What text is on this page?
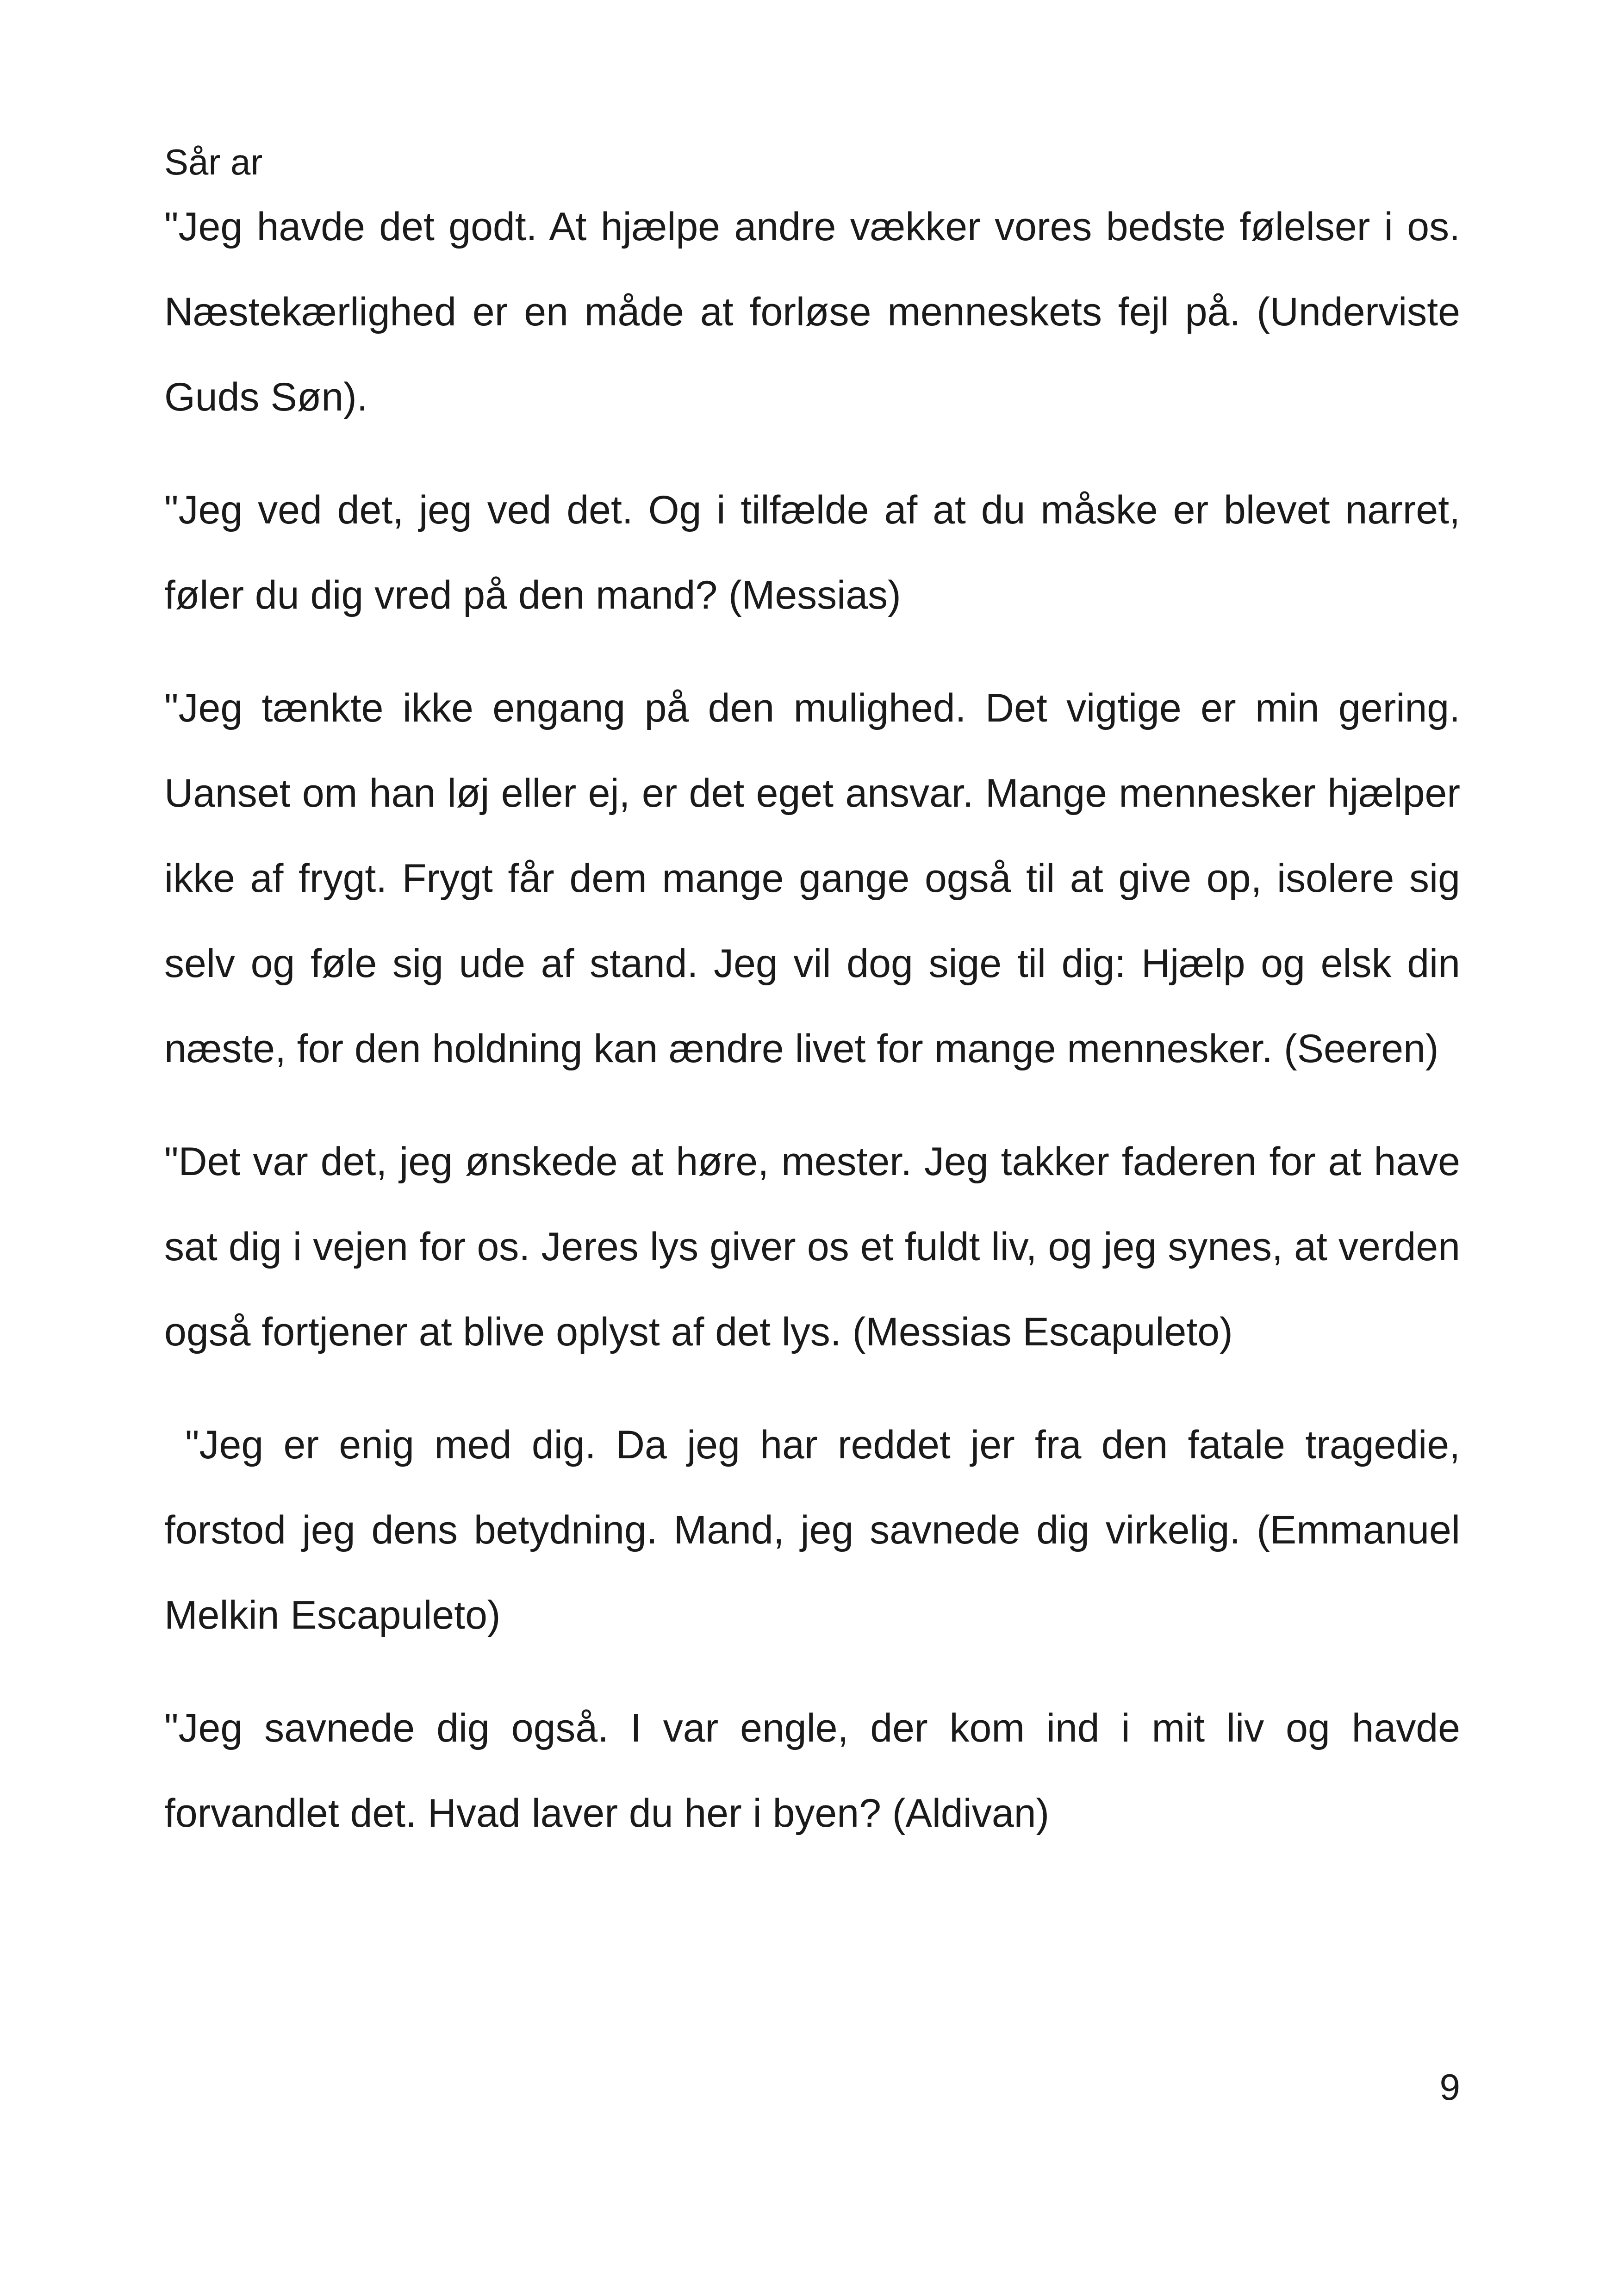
Sår ar

"Jeg havde det godt. At hjælpe andre vækker vores bedste følelser i os. Næstekærlighed er en måde at forløse menneskets fejl på. (Underviste Guds Søn).

"Jeg ved det, jeg ved det. Og i tilfælde af at du måske er blevet narret, føler du dig vred på den mand? (Messias)

"Jeg tænkte ikke engang på den mulighed. Det vigtige er min gering. Uanset om han løj eller ej, er det eget ansvar. Mange mennesker hjælper ikke af frygt. Frygt får dem mange gange også til at give op, isolere sig selv og føle sig ude af stand. Jeg vil dog sige til dig: Hjælp og elsk din næste, for den holdning kan ændre livet for mange mennesker. (Seeren)

"Det var det, jeg ønskede at høre, mester. Jeg takker faderen for at have sat dig i vejen for os. Jeres lys giver os et fuldt liv, og jeg synes, at verden også fortjener at blive oplyst af det lys. (Messias Escapuleto)

"Jeg er enig med dig. Da jeg har reddet jer fra den fatale tragedie, forstod jeg dens betydning. Mand, jeg savnede dig virkelig. (Emmanuel Melkin Escapuleto)

"Jeg savnede dig også. I var engle, der kom ind i mit liv og havde forvandlet det. Hvad laver du her i byen? (Aldivan)

9
